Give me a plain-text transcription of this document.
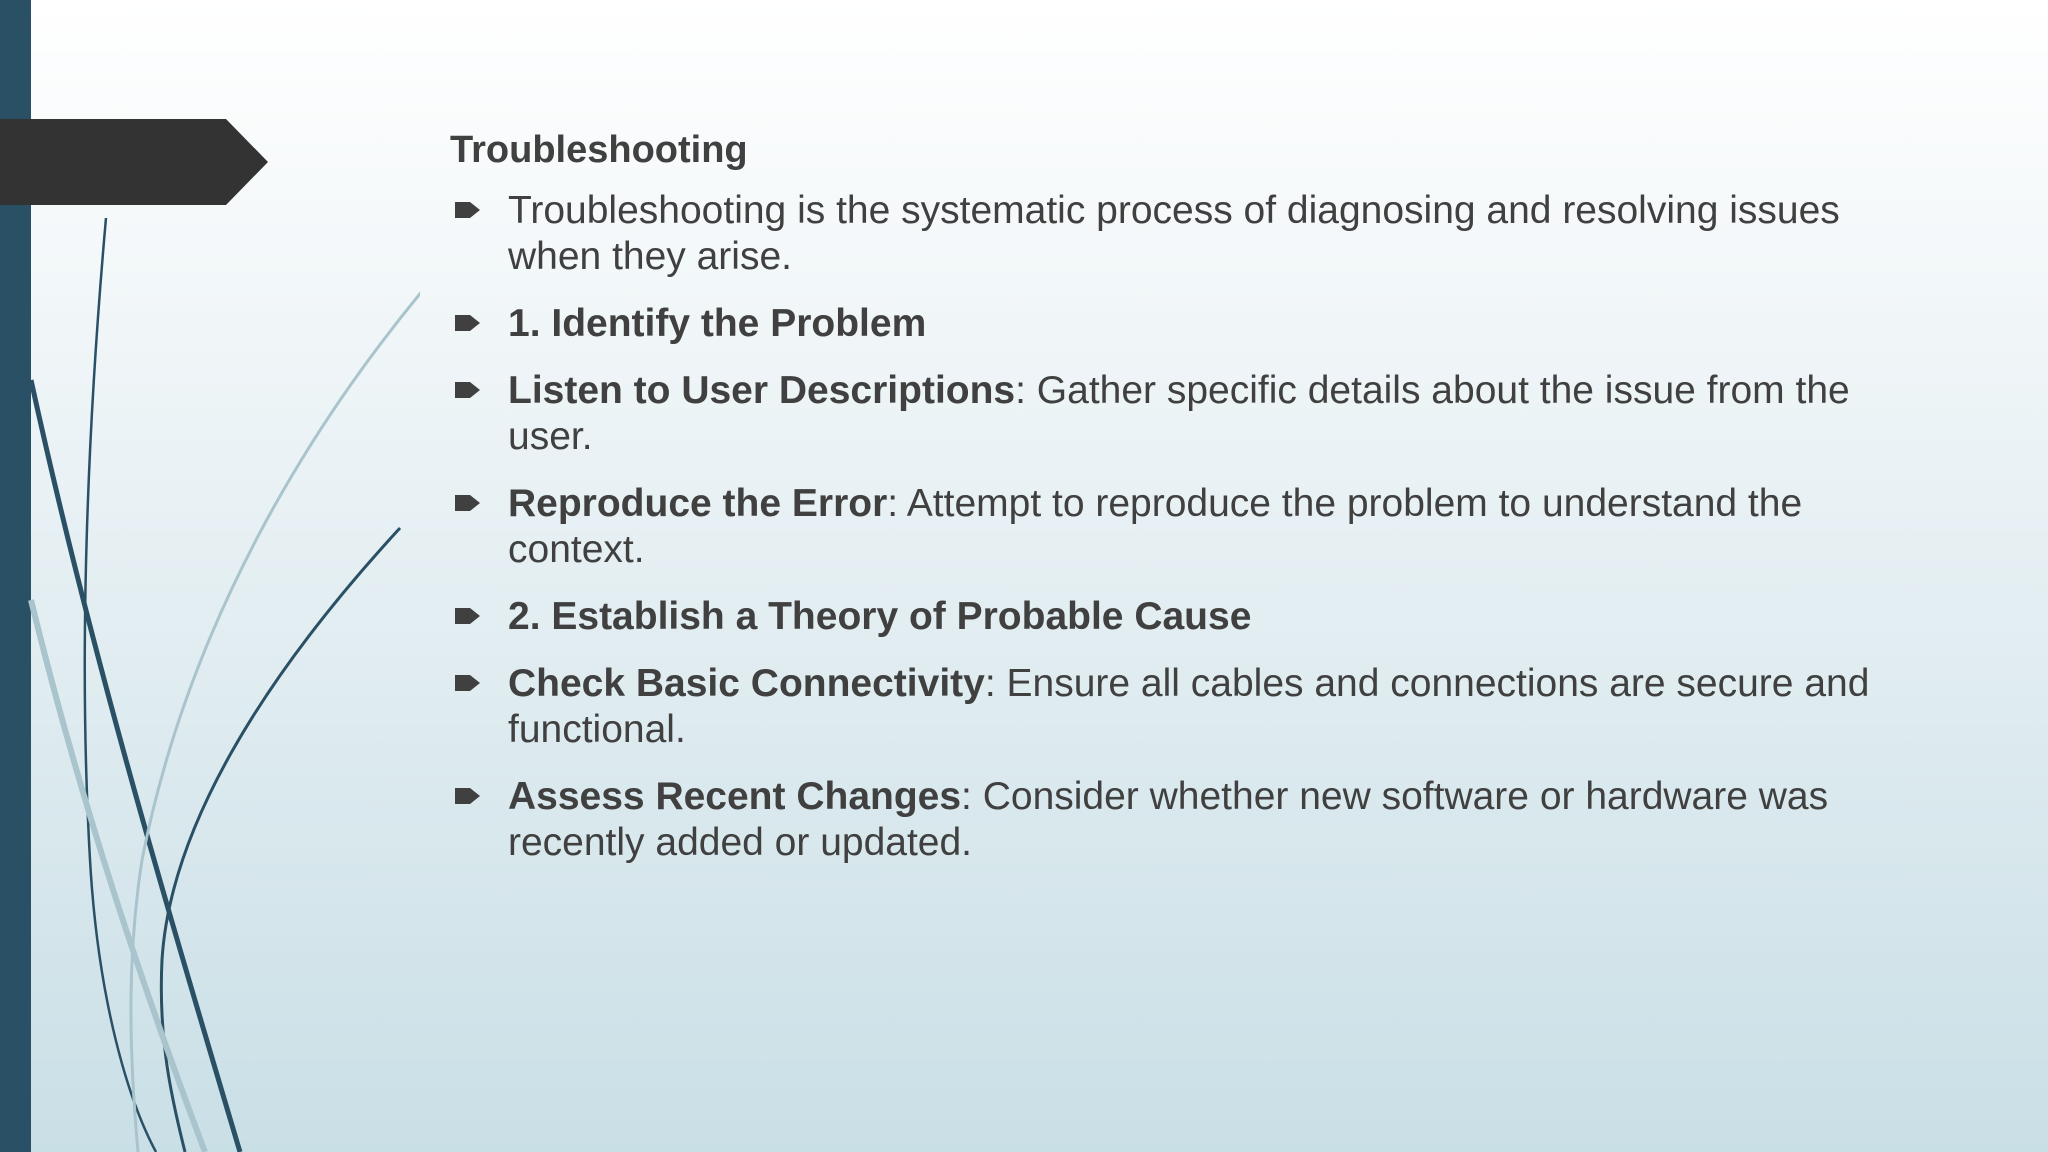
Troubleshooting
Troubleshooting is the systematic process of diagnosing and resolving issues when they arise.
1. Identify the Problem
Listen to User Descriptions: Gather specific details about the issue from the user.
Reproduce the Error: Attempt to reproduce the problem to understand the context.
2. Establish a Theory of Probable Cause
Check Basic Connectivity: Ensure all cables and connections are secure and functional.
Assess Recent Changes: Consider whether new software or hardware was recently added or updated.
